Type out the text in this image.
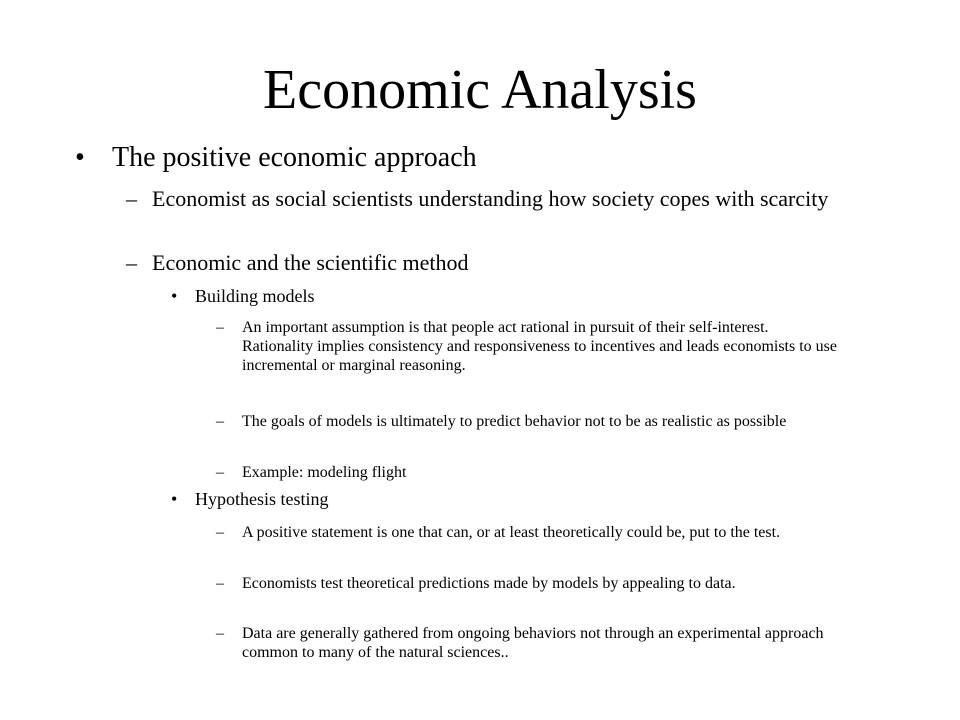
Economic Analysis
• The positive economic approach
– Economist as social scientists understanding how society copes with scarcity
– Economic and the scientific method
• Building models
– An important assumption is that people act rational in pursuit of their self-interest. Rationality implies consistency and responsiveness to incentives and leads economists to use incremental or marginal reasoning.
– The goals of models is ultimately to predict behavior not to be as realistic as possible
– Example: modeling flight
• Hypothesis testing
– A positive statement is one that can, or at least theoretically could be, put to the test.
– Economists test theoretical predictions made by models by appealing to data.
– Data are generally gathered from ongoing behaviors not through an experimental approach common to many of the natural sciences..
